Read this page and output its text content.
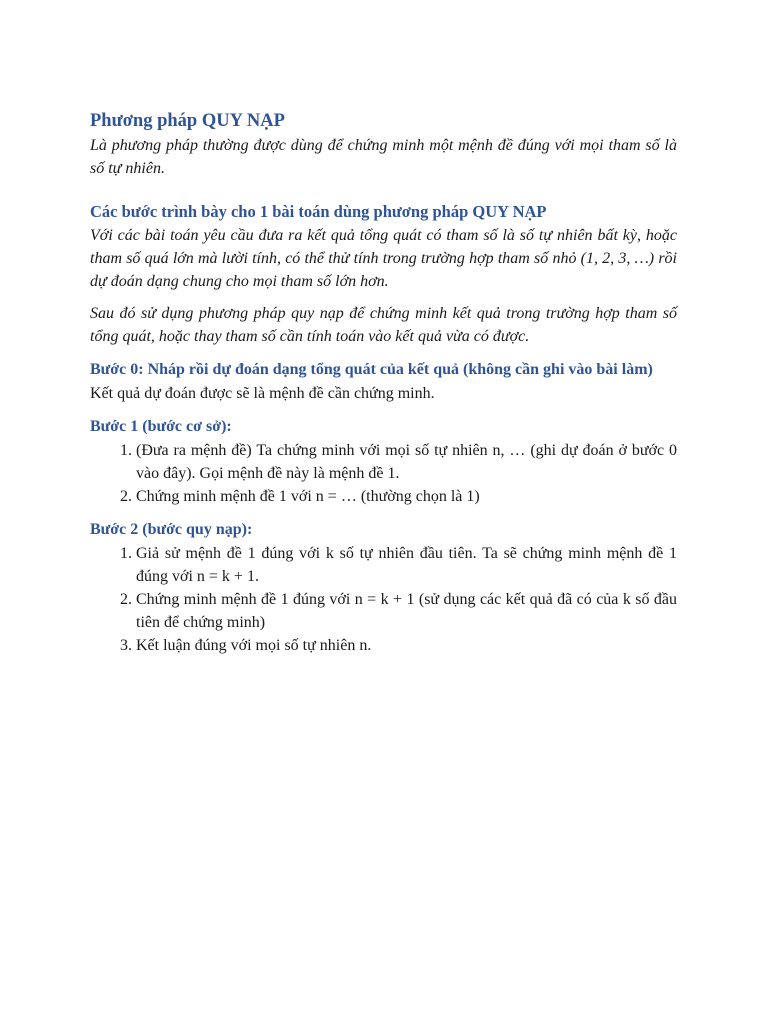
Phương pháp QUY NẠP

Là phương pháp thường được dùng để chứng minh một mệnh đề đúng với mọi tham số là số tự nhiên.

Các bước trình bày cho 1 bài toán dùng phương pháp QUY NẠP

Với các bài toán yêu cầu đưa ra kết quả tổng quát có tham số là số tự nhiên bất kỳ, hoặc tham số quá lớn mà lười tính, có thể thử tính trong trường hợp tham số nhỏ (1, 2, 3, …) rồi dự đoán dạng chung cho mọi tham số lớn hơn.

Sau đó sử dụng phương pháp quy nạp để chứng minh kết quả trong trường hợp tham số tổng quát, hoặc thay tham số cần tính toán vào kết quả vừa có được.

Bước 0: Nháp rồi dự đoán dạng tổng quát của kết quả (không cần ghi vào bài làm)

Kết quả dự đoán được sẽ là mệnh đề cần chứng minh.

Bước 1 (bước cơ sở):
1. (Đưa ra mệnh đề) Ta chứng minh với mọi số tự nhiên n, … (ghi dự đoán ở bước 0 vào đây). Gọi mệnh đề này là mệnh đề 1.
2. Chứng minh mệnh đề 1 với n = … (thường chọn là 1)
Bước 2 (bước quy nạp):
1. Giả sử mệnh đề 1 đúng với k số tự nhiên đầu tiên. Ta sẽ chứng minh mệnh đề 1 đúng với n = k + 1.
2. Chứng minh mệnh đề 1 đúng với n = k + 1 (sử dụng các kết quả đã có của k số đầu tiên để chứng minh)
3. Kết luận đúng với mọi số tự nhiên n.
